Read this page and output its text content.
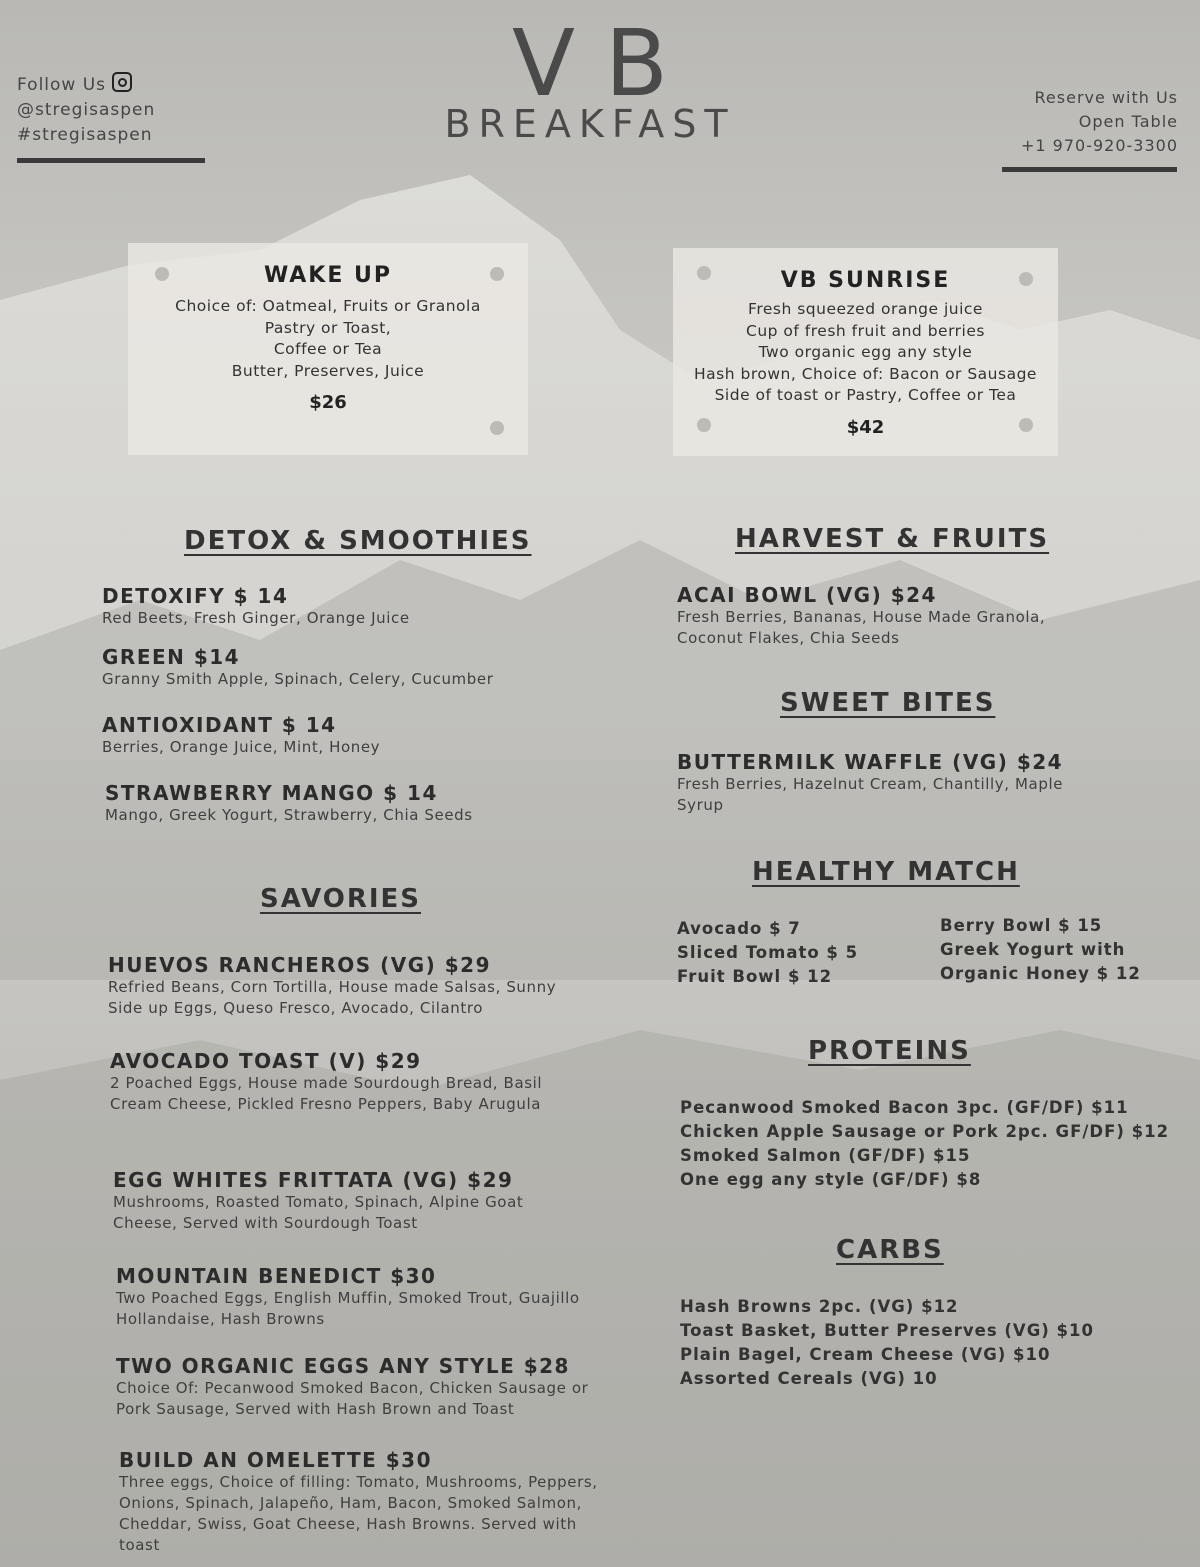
Follow Us
@stregisaspen
#stregisaspen
VB
BREAKFAST
Reserve with Us
Open Table
+1 970-920-3300
WAKE UP
Choice of: Oatmeal, Fruits or Granola
Pastry or Toast,
Coffee or Tea
Butter, Preserves, Juice
$26
VB SUNRISE
Fresh squeezed orange juice
Cup of fresh fruit and berries
Two organic egg any style
Hash brown, Choice of: Bacon or Sausage
Side of toast or Pastry, Coffee or Tea
$42
DETOX & SMOOTHIES
DETOXIFY $ 14
Red Beets, Fresh Ginger, Orange Juice
GREEN $14
Granny Smith Apple, Spinach, Celery, Cucumber
ANTIOXIDANT $ 14
Berries, Orange Juice, Mint, Honey
STRAWBERRY MANGO $ 14
Mango, Greek Yogurt, Strawberry, Chia Seeds
SAVORIES
HUEVOS RANCHEROS (VG) $29
Refried Beans, Corn Tortilla, House made Salsas, Sunny Side up Eggs, Queso Fresco, Avocado, Cilantro
AVOCADO TOAST (V) $29
2 Poached Eggs, House made Sourdough Bread, Basil Cream Cheese, Pickled Fresno Peppers, Baby Arugula
EGG WHITES FRITTATA (VG) $29
Mushrooms, Roasted Tomato, Spinach, Alpine Goat Cheese, Served with Sourdough Toast
MOUNTAIN BENEDICT $30
Two Poached Eggs, English Muffin, Smoked Trout, Guajillo Hollandaise, Hash Browns
TWO ORGANIC EGGS ANY STYLE $28
Choice Of: Pecanwood Smoked Bacon, Chicken Sausage or Pork Sausage, Served with Hash Brown and Toast
BUILD AN OMELETTE $30
Three eggs, Choice of filling: Tomato, Mushrooms, Peppers, Onions, Spinach, Jalapeño, Ham, Bacon, Smoked Salmon, Cheddar, Swiss, Goat Cheese, Hash Browns. Served with toast
HARVEST & FRUITS
ACAI BOWL (VG) $24
Fresh Berries, Bananas, House Made Granola, Coconut Flakes, Chia Seeds
SWEET BITES
BUTTERMILK WAFFLE (VG) $24
Fresh Berries, Hazelnut Cream, Chantilly, Maple Syrup
HEALTHY MATCH
Avocado $ 7
Sliced Tomato $ 5
Fruit Bowl $ 12
Berry Bowl $ 15
Greek Yogurt with
Organic Honey $ 12
PROTEINS
Pecanwood Smoked Bacon 3pc. (GF/DF) $11
Chicken Apple Sausage or Pork 2pc. GF/DF) $12
Smoked Salmon (GF/DF) $15
One egg any style (GF/DF) $8
CARBS
Hash Browns 2pc. (VG) $12
Toast Basket, Butter Preserves (VG) $10
Plain Bagel, Cream Cheese (VG) $10
Assorted Cereals (VG) 10
